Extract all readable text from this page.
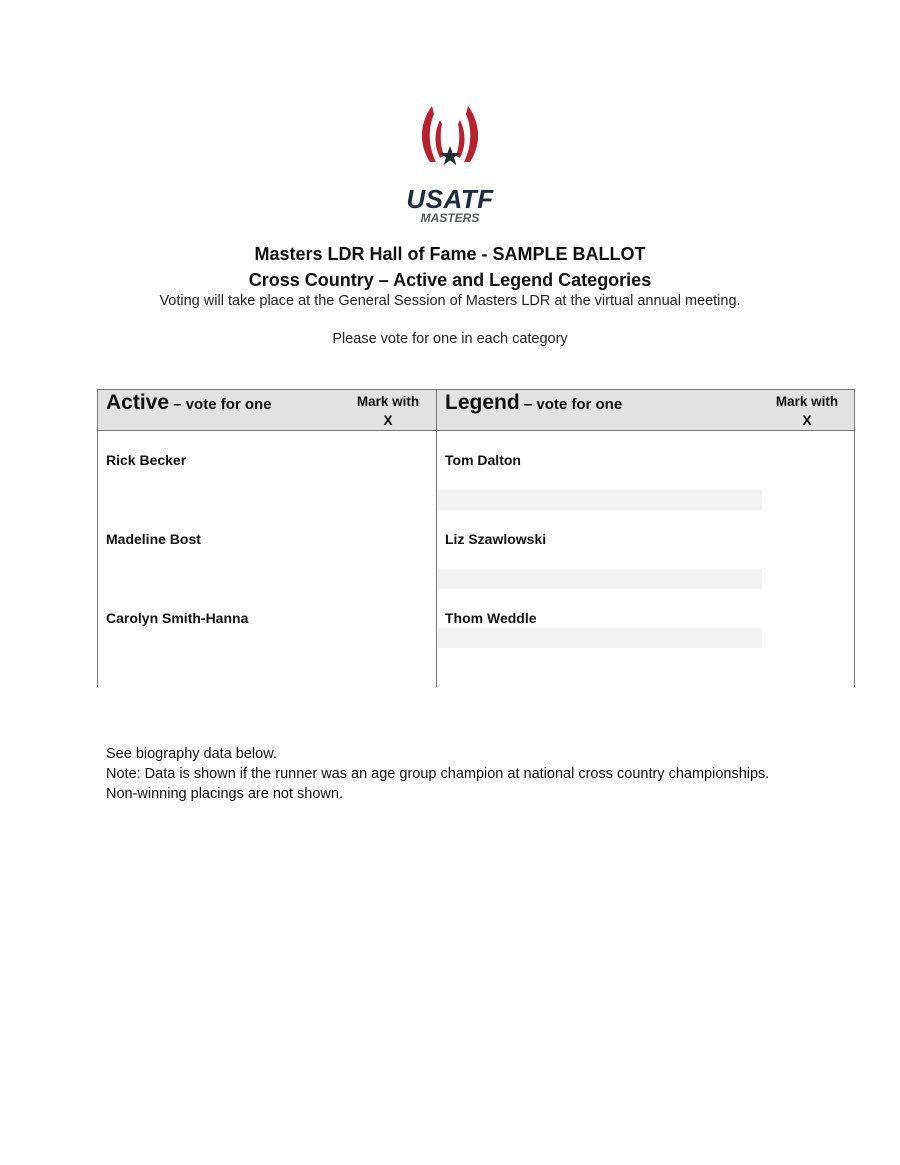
USATF
MASTERS
Masters LDR Hall of Fame - SAMPLE BALLOT
Cross Country – Active and Legend Categories
Voting will take place at the General Session of Masters LDR at the virtual annual meeting.
Please vote for one in each category
Active – vote for one	Mark with
X
Legend – vote for one	Mark with
X
Rick Becker
Madeline Bost
Carolyn Smith-Hanna
Tom Dalton
Liz Szawlowski
Thom Weddle
See biography data below.
Note: Data is shown if the runner was an age group champion at national cross country championships.
Non-winning placings are not shown.
